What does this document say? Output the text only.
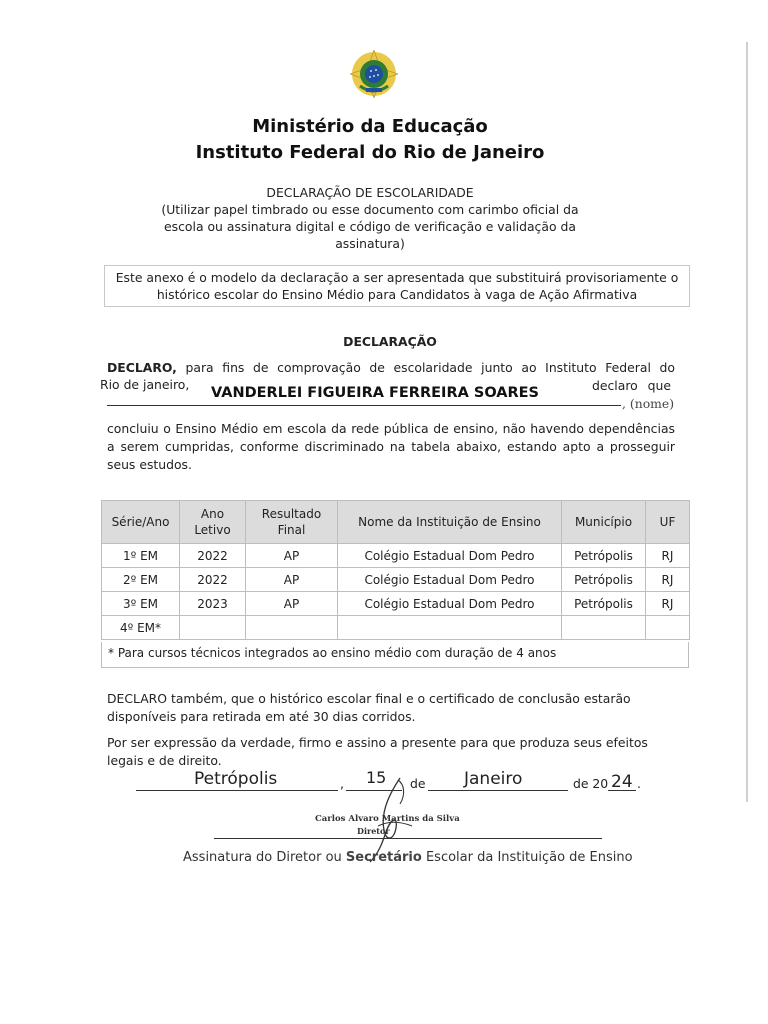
Ministério da Educação
Instituto Federal do Rio de Janeiro
DECLARAÇÃO DE ESCOLARIDADE
(Utilizar papel timbrado ou esse documento com carimbo oficial da escola ou assinatura digital e código de verificação e validação da assinatura)
Este anexo é o modelo da declaração a ser apresentada que substituirá provisoriamente o histórico escolar do Ensino Médio para Candidatos à vaga de Ação Afirmativa
DECLARAÇÃO
DECLARO, para fins de comprovação de escolaridade junto ao Instituto Federal do
Rio de janeiro,	declaro que
VANDERLEI FIGUEIRA FERREIRA SOARES
, (nome)
concluiu o Ensino Médio em escola da rede pública de ensino, não havendo dependências a serem cumpridas, conforme discriminado na tabela abaixo, estando apto a prosseguir seus estudos.
Série/Ano	Ano Letivo	Resultado Final	Nome da Instituição de Ensino	Município	UF
1º EM	2022	AP	Colégio Estadual Dom Pedro	Petrópolis	RJ
2º EM	2022	AP	Colégio Estadual Dom Pedro	Petrópolis	RJ
3º EM	2023	AP	Colégio Estadual Dom Pedro	Petrópolis	RJ
4º EM*					
* Para cursos técnicos integrados ao ensino médio com duração de 4 anos
DECLARO também, que o histórico escolar final e o certificado de conclusão estarão disponíveis para retirada em até 30 dias corridos.
Por ser expressão da verdade, firmo e assino a presente para que produza seus efeitos legais e de direito.
Petrópolis	, 15 de Janeiro	de 20 24 .
Carlos Alvaro Martins da Silva
Diretor
Assinatura do Diretor ou Secretário Escolar da Instituição de Ensino
